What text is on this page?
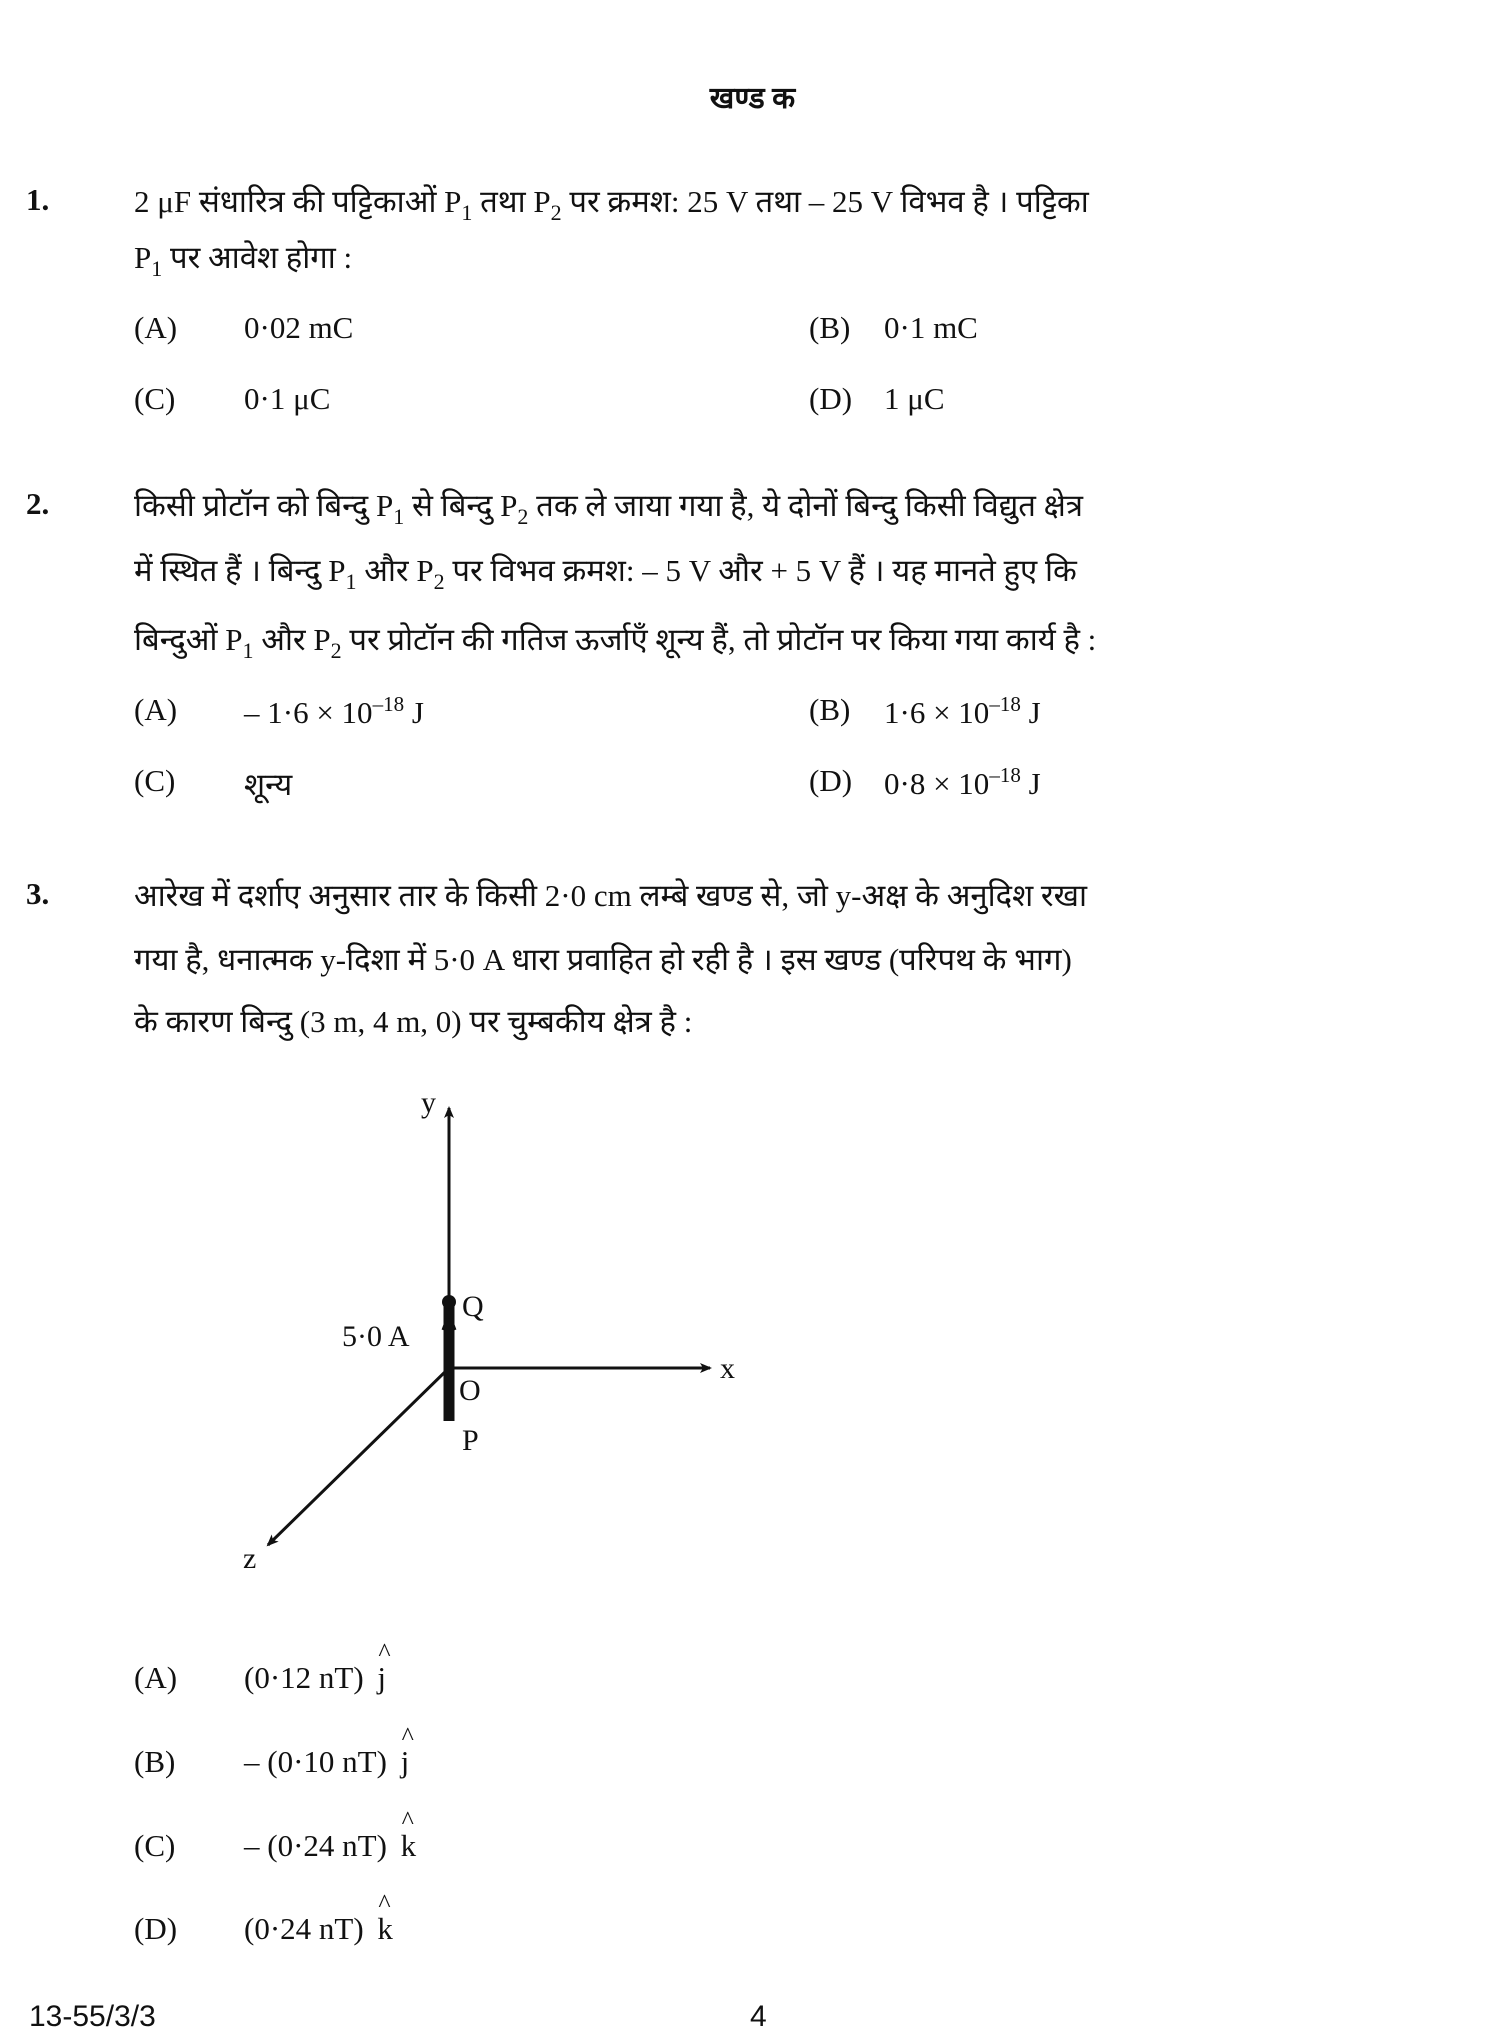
खण्ड क
1.	2 μF संधारित्र की पट्टिकाओं $P_1$ तथा $P_2$ पर क्रमश: 25 V तथा – 25 V विभव है । पट्टिका
$P_1$ पर आवेश होगा :
(A) 0·02 mC	(B) 0·1 mC
(C) 0·1 μC	(D) 1 μC
2.	किसी प्रोटॉन को बिन्दु $P_1$ से बिन्दु $P_2$ तक ले जाया गया है, ये दोनों बिन्दु किसी विद्युत क्षेत्र
में स्थित हैं । बिन्दु $P_1$ और $P_2$ पर विभव क्रमश: – 5 V और + 5 V हैं । यह मानते हुए कि
बिन्दुओं $P_1$ और $P_2$ पर प्रोटॉन की गतिज ऊर्जाएँ शून्य हैं, तो प्रोटॉन पर किया गया कार्य है :
$(A) - 1\cdot 6 \times 10^{-18}$ J	(B) $1\cdot 6 \times 10^{-18}$ J
(C) शून्य	(D) $0\cdot 8 \times 10^{-18}$ J
3.	आरेख में दर्शाए अनुसार तार के किसी 2·0 cm लम्बे खण्ड से, जो y-अक्ष के अनुदिश रखा
गया है, धनात्मक y-दिशा में 5·0 A धारा प्रवाहित हो रही है । इस खण्ड (परिपथ के भाग)
के कारण बिन्दु (3 m, 4 m, 0) पर चुम्बकीय क्षेत्र है :
y
x
z
Q
O
P
5·0 A
(A) (0·12 nT) ^ j
(B) – (0·10 nT) ^ j
(C) – (0·24 nT) ^ k
(D) (0·24 nT) ^ k
13-55/3/3	4
